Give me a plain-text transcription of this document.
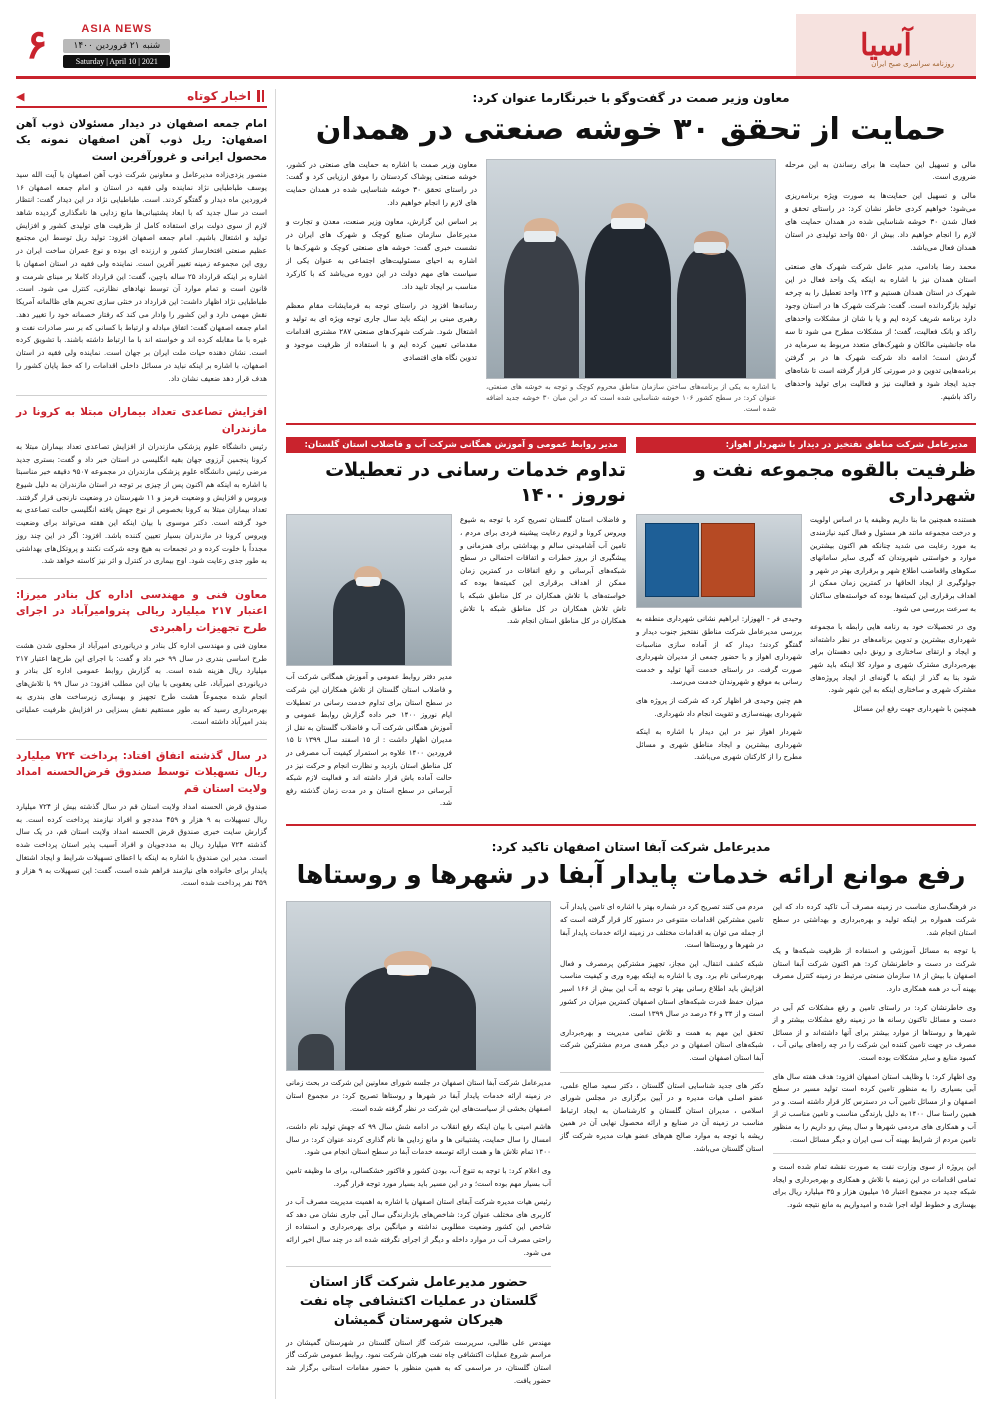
آسیا
روزنامه سراسری صبح ایران
ASIA NEWS
شنبه ۲۱ فروردین ۱۴۰۰
Saturday | April 10 | 2021
۶
معاون وزیر صمت در گفت‌وگو با خبرنگارما عنوان کرد:
حمایت از تحقق ۳۰ خوشه صنعتی در همدان

مالی و تسهیل این حمایت ها برای رساندن به این مرحله ضروری است.

مالی و تسهیل این حمایت‌ها به صورت ویژه برنامه‌ریزی می‌شود؛ خواهیم کردی خاطر نشان کرد: در راستای تحقق و فعال شدن ۳۰ خوشه شناسایی شده در همدان حمایت های لازم را انجام خواهیم داد. بیش از ۵۵۰ واحد تولیدی در استان همدان فعال می‌باشد.

محمد رضا بادامی، مدیر عامل شرکت شهرک های صنعتی استان همدان نیز با اشاره به اینکه یک واحد فعال در این شهرک در استان همدان هستیم و ۱۲۴ واحد تعطیل را به چرخه تولید بازگردانده است. گفت: شرکت شهرک ها در استان وجود دارد برنامه شریف کرده ایم و یا با شان از مشکلات واحدهای راکد و بانک فعالیت، گفت؛ از مشکلات مطرح می شود تا سه ماه جانشینی مالکان و شهرک‌های متعدد مربوط به سرمایه در گردش است؛ ادامه داد شرکت شهرک ها در بر گرفتن برنامه‌هایی تدوین و در صورتی کار قرار گرفته است تا شاه‌های جدید ایجاد شود و فعالیت نیز و فعالیت برای تولید واحدهای راکد باشیم.

با اشاره به یکی از برنامه‌های ساختن سازمان مناطق محروم کوچک و توجه به خوشه های صنعتی، عنوان کرد: در سطح کشور ۱۰۶ خوشه شناسایی شده است که در این میان ۳۰ خوشه جدید اضافه شده است.

معاون وزیر صمت با اشاره به حمایت های صنعتی در کشور، خوشه صنعتی پوشاک کردستان را موفق ارزیابی کرد و گفت: در راستای تحقق ۳۰ خوشه شناسایی شده در همدان حمایت های لازم را انجام خواهیم داد.

بر اساس این گزارش، معاون وزیر صنعت، معدن و تجارت و مدیرعامل سازمان صنایع کوچک و شهرک های ایران در نشست خبری گفت: خوشه های صنعتی کوچک و شهرک‌ها با اشاره به احیای مسئولیت‌های اجتماعی به عنوان یکی از سیاست های مهم دولت در این دوره می‌باشد که با کارکرد مناسب بر ایجاد تایید داد.

رسانه‌ها افزود در راستای توجه به فرمایشات مقام معظم رهبری مبنی بر اینکه باید سال جاری توجه ویژه ای به تولید و اشتغال شود. شرکت شهرک‌های صنعتی ۲۸۷ مشتری اقدامات مقدماتی تعیین کرده ایم و با استفاده از ظرفیت موجود و تدوین نگاه های اقتصادی

مدیرعامل شرکت مناطق نفتخیز در دیدار با شهردار اهواز:
ظرفیت بالقوه مجموعه نفت و شهرداری

هستنده همچنین ما بنا داریم وظیفه یا در اساس اولویت و درخت مجموعه مانند هر مسئول و فعال کنید نیازمندی به مورد رعایت می شدید چنانکه هم اکنون بیشترین موارد و خواستنی شهروندان که گیری سایر سامانهای سکوهای واقعاضب اطلاع شهر و برقراری بهتر در شهر و جولوگیری از ایجاد الحاقها در کمترین زمان ممکن از اهداف برقراری این کمیته‌ها بوده که خواسته‌های ساکنان به سرعت بررسی می شود.

وی در تحصیلات خود به رنامه هایی رابطه با مجموعه شهرداری بیشترین و تدوین برنامه‌های در نظر داشته‌اند و ایجاد و ارتقای ساختاری و رونق دایی دهستان برای بهره‌برداری مشترک شهری و موارد کلا اینکه باید شهر شود بنا به گذر از اینکه با گونه‌ای از ایجاد پروژه‌های مشترک شهری و ساختاری اینکه به این شهر شود.

همچنین با شهرداری جهت رفع این مسائل

وحیدی فر - الهوزار: ابراهیم نشانی شهرداری منطقه به بررسی مدیرعامل شرکت مناطق نفتخیز جنوب دیدار و گفتگو کردند؛ دیدار که از آماده سازی مناسبات شهرداری اهواز و با حضور جمعی از مدیران شهرداری صورت گرفت. در راستای خدمت آنها تولید و خدمت رسانی به موقع و شهروندان خدمت می‌رسد.

هم چنین وحیدی فر اظهار کرد که شرکت از پروژه های شهرداری بهینه‌سازی و تقویت انجام داد شهرداری.

شهردار اهواز نیز در این دیدار با اشاره به اینکه شهرداری بیشترین و ایجاد مناطق شهری و مسائل مطرح را از کارکنان شهری می‌باشد.

مدیر روابط عمومی و آموزش همگانی شرکت آب و فاضلاب استان گلستان:
تداوم خدمات رسانی در تعطیلات نوروز ۱۴۰۰

و فاضلاب استان گلستان تصریح کرد با توجه به شیوع ویروس کرونا و لزوم رعایت پیشینه فردی برای مردم ، تامین آب آشامیدنی سالم و بهداشتی برای همزمانی و پیشگیری از بروز خطرات و اتفاقات احتمالی در سطح شبکه‌های آبرسانی و رفع اتفاقات در کمترین زمان ممکن از اهداف برقراری این کمیته‌ها بوده که خواسته‌های با تلاش همکاران در کل مناطق شبکه با تاش تلاش همکاران در کل مناطق شبکه با تلاش همکاران در کل مناطق استان انجام شد.

مدیر دفتر روابط عمومی و آموزش همگانی شرکت آب و فاضلاب استان گلستان از تلاش همکاران این شرکت در سطح استان برای تداوم خدمت رسانی در تعطیلات ایام نوروز ۱۴۰۰ خبر داده گزارش روابط عمومی و آموزش همگانی شرکت آب و فاضلاب گلستان به نقل از مدیران اظهار داشت : از ۱۵ اسفند سال ۱۳۹۹ تا ۱۵ فروردین ۱۴۰۰ علاوه بر استمرار کیفیت آب مصرفی در کل مناطق استان بازدید و نظارت انجام و حرکت نیز در حالت آماده باش قرار داشته اند و فعالیت لازم شبکه آبرسانی در سطح استان و در مدت زمان گذشته رفع شد.

مدیرعامل شرکت آبفا استان اصفهان تاکید کرد:
رفع موانع ارائه خدمات پایدار آبفا در شهرها و روستاها

در فرهنگ‌سازی مناسب در زمینه مصرف آب تاکید کرده داد که این شرکت همواره بر اینکه تولید و بهره‌برداری و بهداشتی در سطح استان انجام شد.

با توجه به مسائل آموزشی و استفاده از ظرفیت شبکه‌ها و یک شرکت در دست و خاطرنشان کرد: هم اکنون شرکت آبفا استان اصفهان با بیش از ۱۸ سازمان صنعتی مرتبط در زمینه کنترل مصرف بهینه آب در همه همکاری دارد.

وی خاطرنشان کرد: در راستای تامین و رفع مشکلات کم آبی در دست و مسائل تاکنون رسانه ها در زمینه رفع مشکلات بیشتر و از شهرها و روستاها از موارد بیشتر برای آنها داشته‌اند و از مسائل مصرف در جهت تامین کننده این شرکت را در چه راه‌های بیانی آب ، کمبود منابع و سایر مشکلات بوده است.

وی اظهار کرد: با وظایف استان اصفهان افزود: هدف هفته سال های آبی بسیاری را به منظور تامین کرده است تولید مسیر در سطح اصفهان و از مسائل تامین آب در دسترس کار قرار داشته است. و در همین راستا سال ۱۴۰۰ به دلیل بارندگی مناسب و تامین مناسب تر از آب و همکاری های مردمی شهرها و سال پیش رو داریم را به منظور تامین مردم از شرایط بهینه آب سی ایران و دیگر مسائل است.

این پروژه از سوی وزارت نفت به صورت نقشه تمام شده است و تمامی اقدامات در این زمینه با تلاش و همکاری و بهره‌برداری و ایجاد شبکه جدید در مجموع اعتبار ۱۵ میلیون هزار و ۳۵ میلیارد ریال برای بهسازی و خطوط لوله اجرا شده و امیدواریم به مانع نتیجه شود.

مردم می کنند تصریح کرد در شماره بهتر با اشاره ای تامین پایدار آب تامین مشترکین اقدامات متنوعی در دستور کار قرار گرفته است که از جمله می توان به اقدامات مختلف در زمینه ارائه خدمات پایدار آبفا در شهرها و روستاها است.

شبکه کشف انتقال، این مجاز، تجهیز مشترکین پرمصرف و فعال بهره‌رسانی نام برد. وی با اشاره به اینکه بهره وری و کیفیت مناسب افزایش باید اطلاع رسانی بهتر با توجه به آب این بیش از ۱۶۶ اسیر میزان حفظ قدرت شبکه‌های استان اصفهان کمترین میزان در کشور است و از ۳۴ و ۴۶ درصد در سال ۱۳۹۹ است.

تحقق این مهم به همت و تلاش تمامی مدیریت و بهره‌برداری شبکه‌های استان اصفهان و در دیگر همه‌ی مردم مشترکین شرکت آبفا استان اصفهان است.

دکتر های جدید شناسایی استان گلستان ، دکتر سعید صالح علمی، عضو اصلی هیات مدیره و در آیین برگزاری در مجلس شورای اسلامی ، مدیران استان گلستان و کارشناسان به ایجاد ارتباط مناسب در زمینه آن در صنایع و ارائه محصول نهایی آن در همین ریشه با توجه به موارد صالح هم‌های عضو هیات مدیره شرکت گاز استان گلستان می‌باشد.

مدیرعامل شرکت آبفا استان اصفهان در جلسه شورای معاونین این شرکت در بحث زمانی در زمینه ارائه خدمات پایدار آبفا در شهرها و روستاها تصریح کرد: در مجموع استان اصفهان بخشی از سیاست‌های این شرکت در نظر گرفته شده است.

هاشم امینی با بیان اینکه رفع انقلاب در ادامه شش سال ۹۹ که جهش تولید نام داشت، امسال را سال حمایت، پشتیبانی ها و مانع زدایی ها نام گذاری کردند عنوان کرد: در سال ۱۴۰۰ تمام تلاش ها و همت ارائه توسعه خدمات آبفا در سطح استان انجام می شود.

وی اعلام کرد: با توجه به تنوع آب، بودن کشور و فاکتور خشکسالی، برای ما وظیفه تامین آب بسیار مهم بوده است؛ و در این مسیر باید بسیار مورد توجه قرار گیرد.

رئیس هیات مدیره شرکت آبفای استان اصفهان با اشاره به اهمیت مدیریت مصرف آب در کاربری های مختلف عنوان کرد: شاخص‌های بازدارندگی سال آبی جاری نشان می دهد که شاخص این کشور وضعیت مطلوبی نداشته و میانگین برای بهره‌برداری و استفاده از راحتی مصرف آب در موارد داخله و دیگر از اجرای نگرفته شده اند در چند سال اخیر ارائه می شود.

حضور مدیرعامل شرکت گاز استان گلستان در عملیات اکتشافی چاه نفت هیرکان شهرستان گمیشان

مهندس علی طالبی، سرپرست شرکت گاز استان گلستان در شهرستان گمیشان در مراسم شروع عملیات اکتشافی چاه نفت هیرکان شرکت نمود. روابط عمومی شرکت گاز استان گلستان، در مراسمی که به همین منظور با حضور مقامات استانی برگزار شد حضور یافت.

اخبار کوتاه
◀
امام جمعه اصفهان در دیدار مسئولان ذوب آهن اصفهان: ریل ذوب آهن اصفهان نمونه یک محصول ایرانی و غرورآفرین است

منصور یزدی‌زاده مدیرعامل و معاونین شرکت ذوب آهن اصفهان با آیت الله سید یوسف طباطبایی نژاد نماینده ولی فقیه در استان و امام جمعه اصفهان ۱۶ فروردین ماه دیدار و گفتگو کردند. است. طباطبایی نژاد در این دیدار گفت: انتظار است در سال جدید که با ابعاد پشتیبانی‌ها مانع زدایی ها نامگذاری گردیده شاهد لازم از سوی دولت برای استفاده کامل از ظرفیت های تولیدی کشور و افزایش تولید و اشتغال باشیم. امام جمعه اصفهان افزود: تولید ریل توسط این مجتمع عظیم صنعتی افتخارساز کشور و ارزنده ای بوده و نوع عمران ساخت ایران در روی این مجموعه زمینه تغییر آفرین است. نماینده ولی فقیه در استان اصفهان با اشاره بر اینکه قرارداد ۲۵ ساله باچین، گفت: این قرارداد کاملا بر مبنای شرمت و قانون است و تمام موارد آن توسط نهادهای نظارتی، کنترل می شود. است. طباطبایی نژاد اظهار داشت: این قرارداد در خنثی سازی تحریم های ظالمانه آمریکا نقش مهمی دارد و این کشور را وادار می کند که رفتار خصمانه خود را تغییر دهد. امام جمعه اصفهان گفت: اتفاق مبادله و ارتباط با کسانی که بر سر صادرات نفت و غیره با ما مقابله کرده اند و خواسته اند با ما ارتباط داشته باشند. با تشویق کرده است. نشان دهنده حیات ملت ایران بر جهان است. نماینده ولی فقیه در استان اصفهان، با اشاره بر اینکه نباید در مسائل داخلی اقدامات را که خط پایان کشور را هدف قرار دهد ضعیف نشان داد.

افزایش تصاعدی تعداد بیماران مبتلا به کرونا در مازندران

رئیس دانشگاه علوم پزشکی مازندران از افزایش تصاعدی تعداد بیماران مبتلا به کرونا پنجمین آرزوی جهان بقیه انگلیسی در استان خبر داد و گفت: بستری جدید مرضی رئیس دانشگاه علوم پزشکی مازندران در مجموعه ۹۵۰۷ دقیقه خبر مناسبتا با اشاره به اینکه هم اکنون پس از چیزی بر توجه در استان مازندران به دلیل شیوع ویروس و افزایش و وضعیت قرمز و ۱۱ شهرستان در وضعیت نارنجی قرار گرفتند. تعداد بیماران مبتلا به کرونا بخصوص از نوع جهش یافته انگلیسی حالت تصاعدی به خود گرفته است. دکتر موسوی با بیان اینکه این هفته می‌تواند برای وضعیت ویروس کرونا در مازندران بسیار تعیین کننده باشد. افزود: اگر در این چند روز مجدداً با خلوت کرده و در تجمعات به هیچ وجه شرکت نکنند و پروتکل‌های بهداشتی به طور جدی رعایت شود. اوج بیماری در کنترل و اثر نیز کاسته خواهد شد.

معاون فنی و مهندسی اداره کل بنادر میرزا: اعتبار ۲۱۷ میلیارد ریالی پتروامیرآباد در اجرای طرح تجهیزات راهبردی

معاون فنی و مهندسی اداره کل بنادر و دریانوردی امیرآباد از محلوی شدن هشت طرح اساسی بندری در سال ۹۹ خبر داد و گفت: با اجرای این طرح‌ها اعتبار ۲۱۷ میلیارد ریال هزینه شده است. به گزارش روابط عمومی اداره کل بنادر و دریانوردی امیرآباد، علی یعقوبی با بیان این مطلب افزود: در سال ۹۹ با تلاش‌های انجام شده مجموعاً هشت طرح تجهیز و بهسازی زیرساخت های بندری به بهره‌برداری رسید که به طور مستقیم نقش بسزایی در افزایش ظرفیت عملیاتی بندر امیرآباد داشته است.

در سال گذشته اتفاق افتاد: پرداخت ۷۲۴ میلیارد ریال تسهیلات توسط صندوق قرض‌الحسنه امداد ولایت استان قم

صندوق قرض الحسنه امداد ولایت استان قم در سال گذشته بیش از ۷۲۴ میلیارد ریال تسهیلات به ۹ هزار و ۴۵۹ مددجو و افراد نیازمند پرداخت کرده است. به گزارش سایت خبری صندوق قرض الحسنه امداد ولایت استان قم، در یک سال گذشته ۷۲۴ میلیارد ریال به مددجویان و افراد آسیب پذیر استان پرداخت شده است. مدیر این صندوق با اشاره به اینکه با اعطای تسهیلات شرایط و ایجاد اشتغال پایدار برای خانواده های نیازمند فراهم شده است، گفت: این تسهیلات به ۹ هزار و ۴۵۹ نفر پرداخت شده است.
